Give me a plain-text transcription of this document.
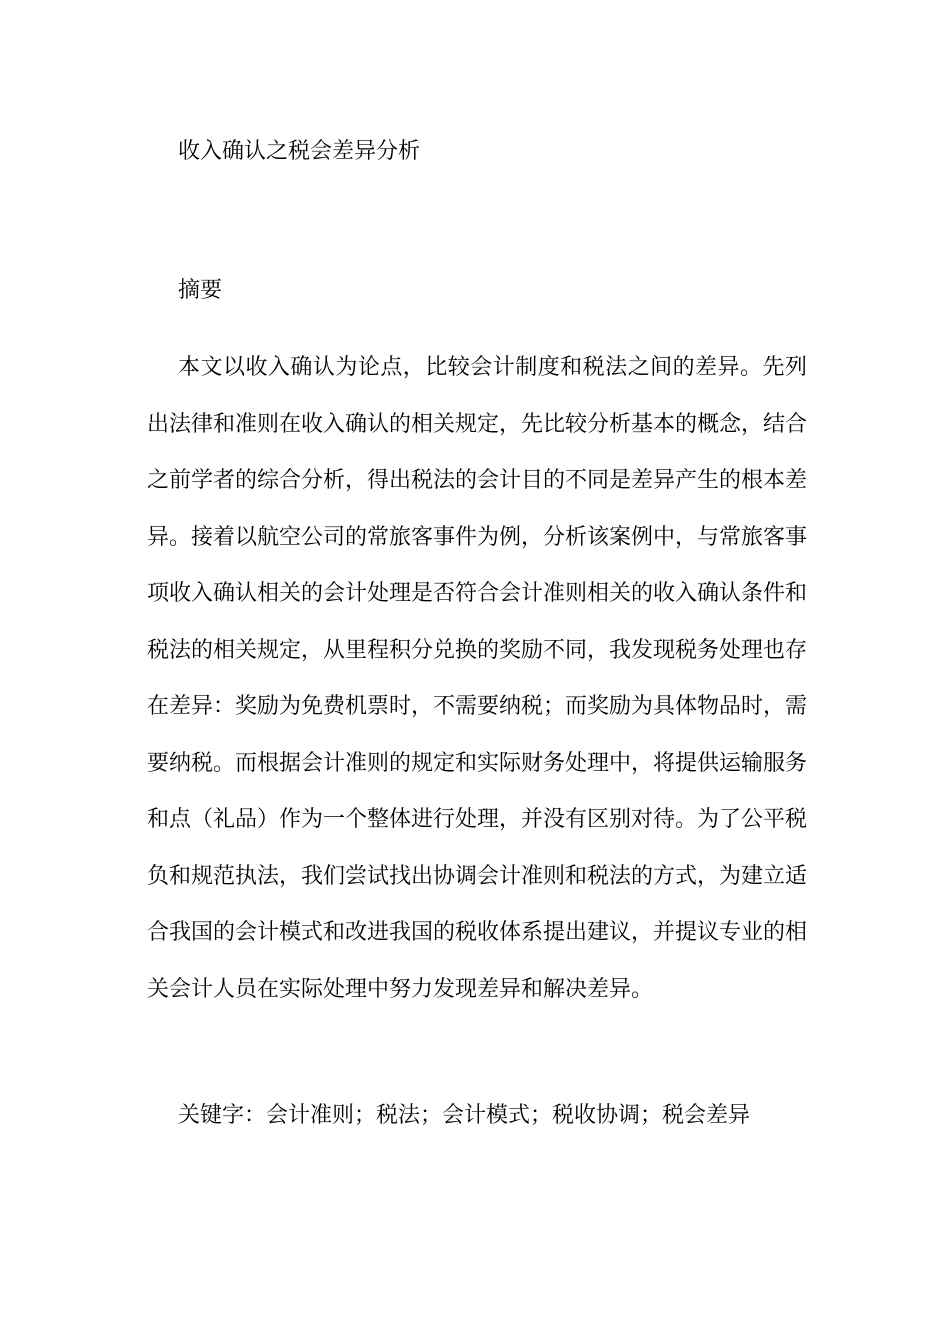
收入确认之税会差异分析
摘要

本文以收入确认为论点，比较会计制度和税法之间的差异。先列出法律和准则在收入确认的相关规定，先比较分析基本的概念，结合之前学者的综合分析，得出税法的会计目的不同是差异产生的根本差异。接着以航空公司的常旅客事件为例，分析该案例中，与常旅客事项收入确认相关的会计处理是否符合会计准则相关的收入确认条件和税法的相关规定，从里程积分兑换的奖励不同，我发现税务处理也存在差异：奖励为免费机票时，不需要纳税；而奖励为具体物品时，需要纳税。而根据会计准则的规定和实际财务处理中，将提供运输服务和点（礼品）作为一个整体进行处理，并没有区别对待。为了公平税负和规范执法，我们尝试找出协调会计准则和税法的方式，为建立适合我国的会计模式和改进我国的税收体系提出建议，并提议专业的相关会计人员在实际处理中努力发现差异和解决差异。

关键字：会计准则；税法；会计模式；税收协调；税会差异
